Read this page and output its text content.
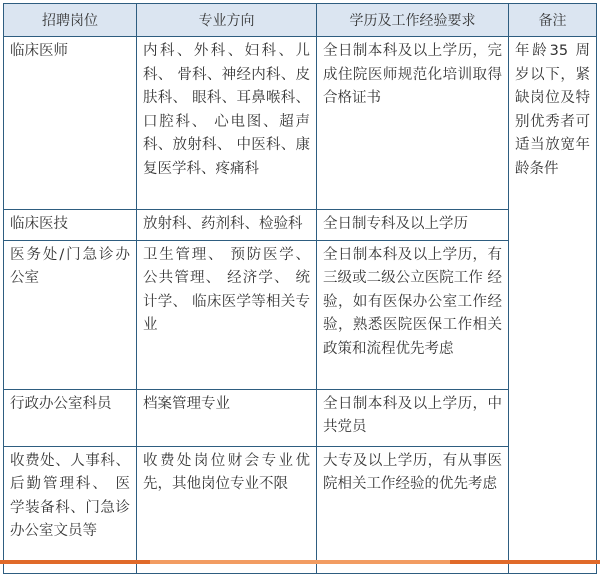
招聘岗位	专业方向	学历及工作经验要求	备注
临床医师	内科、外科、妇科、儿科、 骨科、神经内科、皮肤科、 眼科、耳鼻喉科、口腔科、 心电图、超声科、放射科、 中医科、康复医学科、疼痛科	全日制本科及以上学历，完 成住院医师规范化培训取得合格证书	年龄35 周岁以下，紧缺岗位及特别优秀者可适当放宽年龄条件
临床医技	放射科、药剂科、检验科	全日制专科及以上学历	
医务处/门急诊办公室	卫生管理、 预防医学、 公共管理、 经济学、 统计学、 临床医学等相关专业	全日制本科及以上学历，有 三级或二级公立医院工作 经验，如有医保办公室工作经验，熟悉医院医保工作相关政策和流程优先考虑	
行政办公室科员	档案管理专业	全日制本科及以上学历，中共党员	
收费处、人事科、 后勤管理科、 医学装备科、门急诊办公室文员等	收费处岗位财会专业优 先，其他岗位专业不限	大专及以上学历，有从事医 院相关工作经验的优先考虑	
